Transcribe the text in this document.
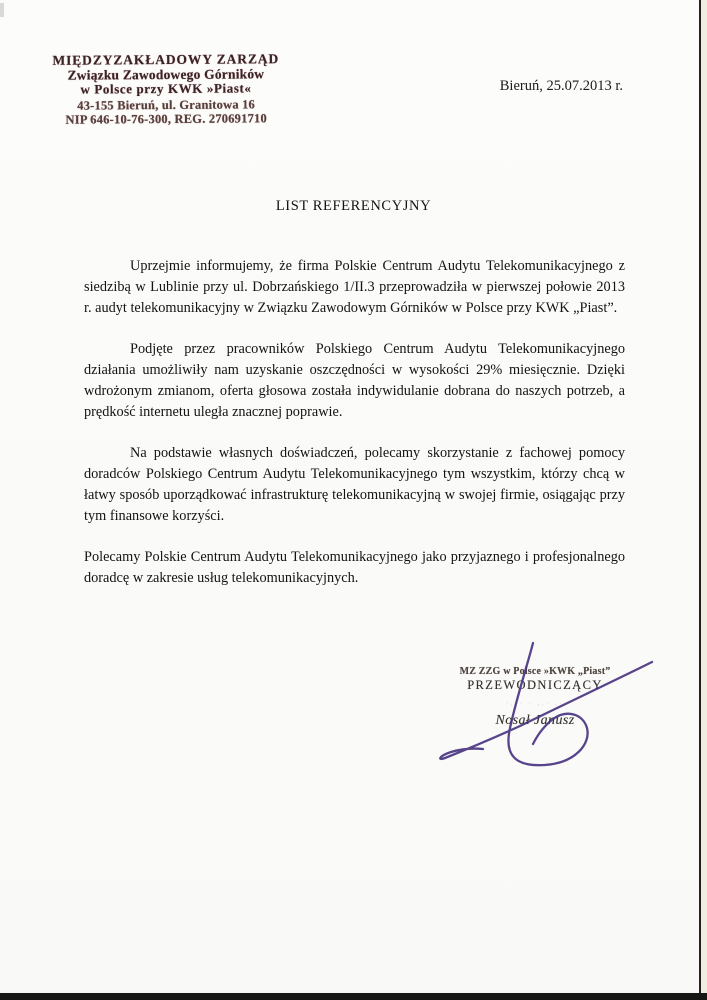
MIĘDZYZAKŁADOWY ZARZĄD
Związku Zawodowego Górników
w Polsce przy KWK »Piast«
43-155 Bieruń, ul. Granitowa 16
NIP 646-10-76-300, REG. 270691710
Bieruń, 25.07.2013 r.
LIST REFERENCYJNY

Uprzejmie informujemy, że firma Polskie Centrum Audytu Telekomunikacyjnego z siedzibą w Lublinie przy ul. Dobrzańskiego 1/II.3 przeprowadziła w pierwszej połowie 2013 r. audyt telekomunikacyjny w Związku Zawodowym Górników w Polsce przy KWK „Piast”.

Podjęte przez pracowników Polskiego Centrum Audytu Telekomunikacyjnego działania umożliwiły nam uzyskanie oszczędności w wysokości 29% miesięcznie. Dzięki wdrożonym zmianom, oferta głosowa została indywidulanie dobrana do naszych potrzeb, a prędkość internetu uległa znacznej poprawie.

Na podstawie własnych doświadczeń, polecamy skorzystanie z fachowej pomocy doradców Polskiego Centrum Audytu Telekomunikacyjnego tym wszystkim, którzy chcą w łatwy sposób uporządkować infrastrukturę telekomunikacyjną w swojej firmie, osiągając przy tym finansowe korzyści.

Polecamy Polskie Centrum Audytu Telekomunikacyjnego jako przyjaznego i profesjonalnego doradcę w zakresie usług telekomunikacyjnych.

MZ ZZG w Polsce »KWK „Piast”
PRZEWODNICZĄCY
˙··˙ ˙ ··˙ ·˙
Nosał Janusz
